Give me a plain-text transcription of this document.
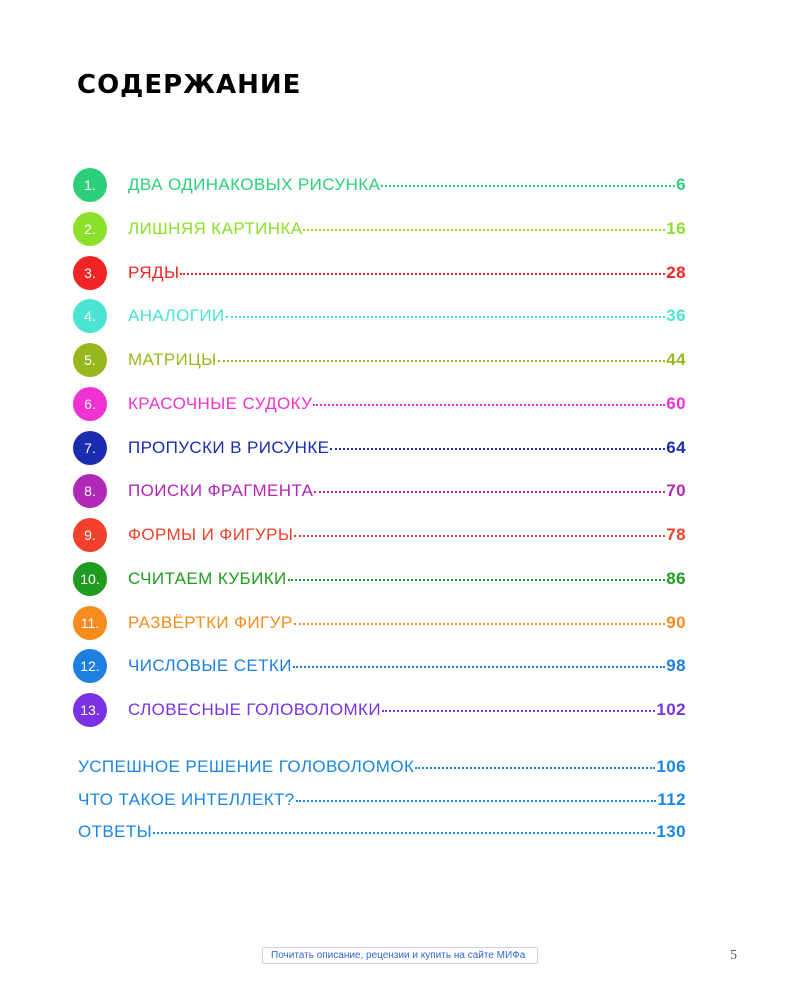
СОДЕРЖАНИЕ
1.	ДВА ОДИНАКОВЫХ РИСУНКА	6
2.	ЛИШНЯЯ КАРТИНКА	16
3.	РЯДЫ	28
4.	АНАЛОГИИ	36
5.	МАТРИЦЫ	44
6.	КРАСОЧНЫЕ СУДОКУ	60
7.	ПРОПУСКИ В РИСУНКЕ	64
8.	ПОИСКИ ФРАГМЕНТА	70
9.	ФОРМЫ И ФИГУРЫ	78
10.	СЧИТАЕМ КУБИКИ	86
11.	РАЗВЁРТКИ ФИГУР	90
12.	ЧИСЛОВЫЕ СЕТКИ	98
13.	СЛОВЕСНЫЕ ГОЛОВОЛОМКИ	102
УСПЕШНОЕ РЕШЕНИЕ ГОЛОВОЛОМОК	106
ЧТО ТАКОЕ ИНТЕЛЛЕКТ?	112
ОТВЕТЫ	130
Почитать описание, рецензии и купить на сайте МИФа	5
